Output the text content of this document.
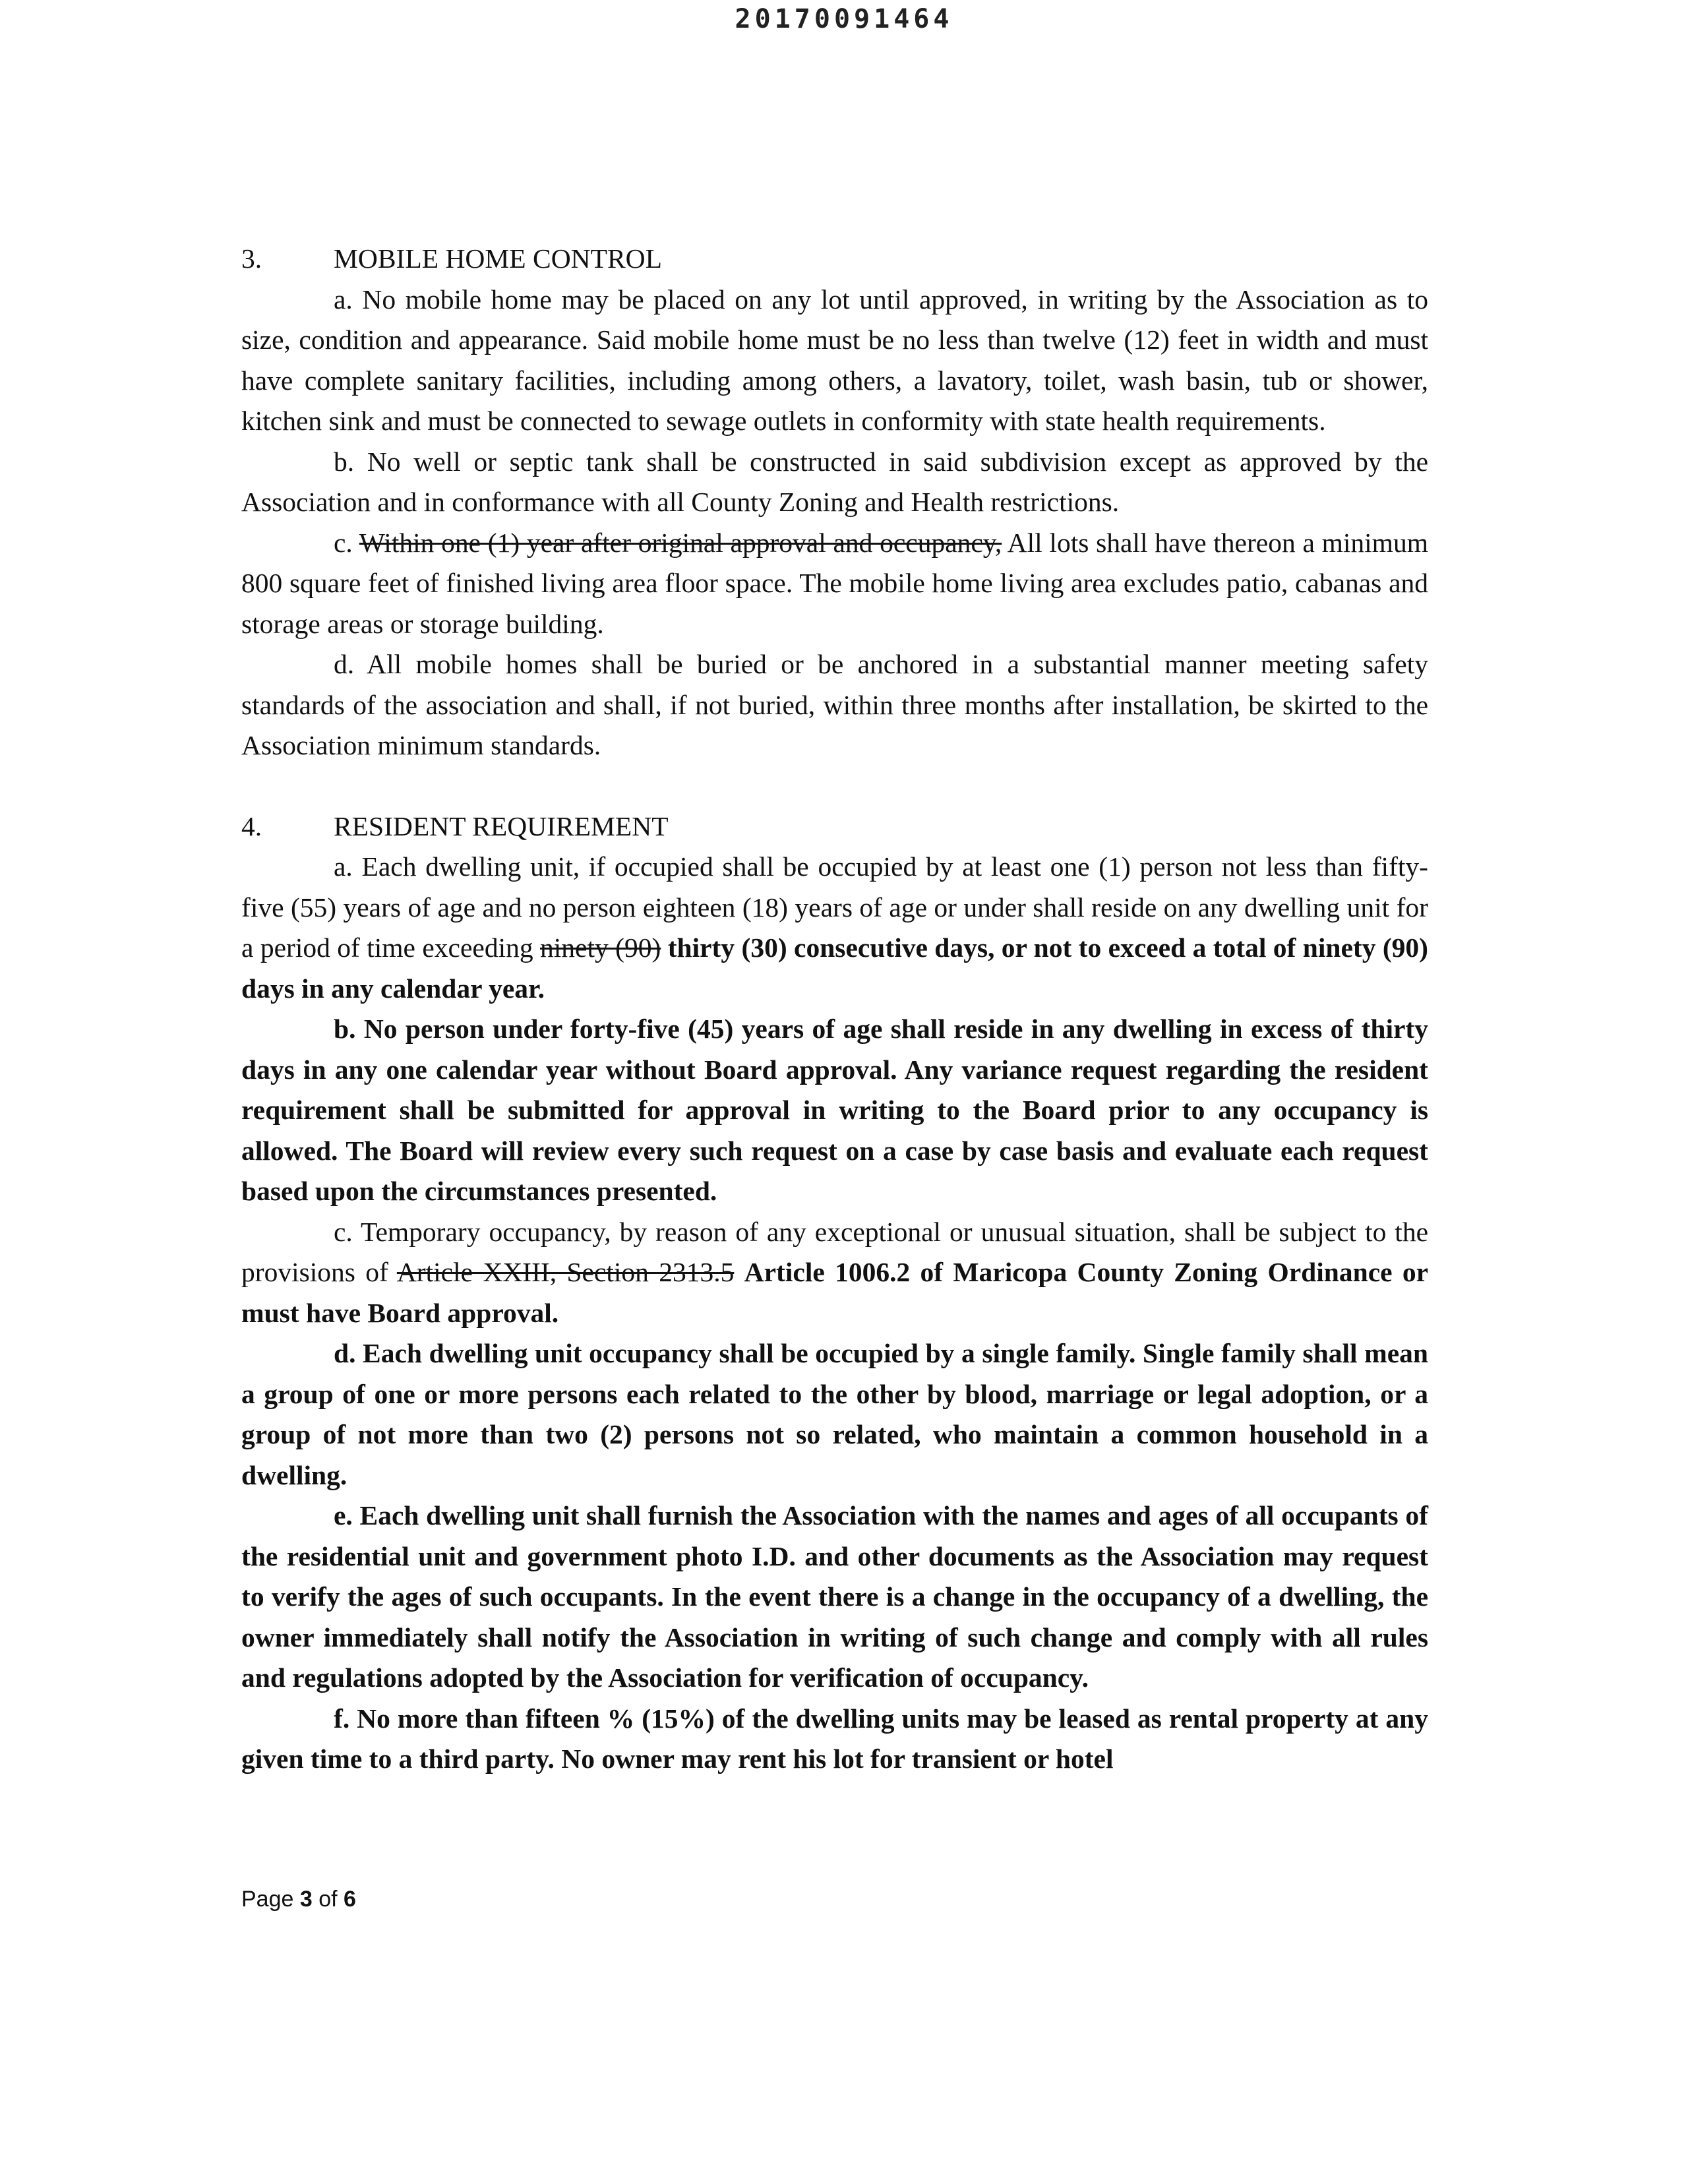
20170091464
3.	MOBILE HOME CONTROL

a. No mobile home may be placed on any lot until approved, in writing by the Association as to size, condition and appearance. Said mobile home must be no less than twelve (12) feet in width and must have complete sanitary facilities, including among others, a lavatory, toilet, wash basin, tub or shower, kitchen sink and must be connected to sewage outlets in conformity with state health requirements.

b. No well or septic tank shall be constructed in said subdivision except as approved by the Association and in conformance with all County Zoning and Health restrictions.

c. Within one (1) year after original approval and occupancy, All lots shall have thereon a minimum 800 square feet of finished living area floor space. The mobile home living area excludes patio, cabanas and storage areas or storage building.

d. All mobile homes shall be buried or be anchored in a substantial manner meeting safety standards of the association and shall, if not buried, within three months after installation, be skirted to the Association minimum standards.

4.	RESIDENT REQUIREMENT

a. Each dwelling unit, if occupied shall be occupied by at least one (1) person not less than fifty-five (55) years of age and no person eighteen (18) years of age or under shall reside on any dwelling unit for a period of time exceeding ninety (90) thirty (30) consecutive days, or not to exceed a total of ninety (90) days in any calendar year.

b. No person under forty-five (45) years of age shall reside in any dwelling in excess of thirty days in any one calendar year without Board approval. Any variance request regarding the resident requirement shall be submitted for approval in writing to the Board prior to any occupancy is allowed. The Board will review every such request on a case by case basis and evaluate each request based upon the circumstances presented.

c. Temporary occupancy, by reason of any exceptional or unusual situation, shall be subject to the provisions of Article XXIII, Section 2313.5 Article 1006.2 of Maricopa County Zoning Ordinance or must have Board approval.

d. Each dwelling unit occupancy shall be occupied by a single family. Single family shall mean a group of one or more persons each related to the other by blood, marriage or legal adoption, or a group of not more than two (2) persons not so related, who maintain a common household in a dwelling.

e. Each dwelling unit shall furnish the Association with the names and ages of all occupants of the residential unit and government photo I.D. and other documents as the Association may request to verify the ages of such occupants. In the event there is a change in the occupancy of a dwelling, the owner immediately shall notify the Association in writing of such change and comply with all rules and regulations adopted by the Association for verification of occupancy.

f. No more than fifteen % (15%) of the dwelling units may be leased as rental property at any given time to a third party. No owner may rent his lot for transient or hotel

Page 3 of 6
